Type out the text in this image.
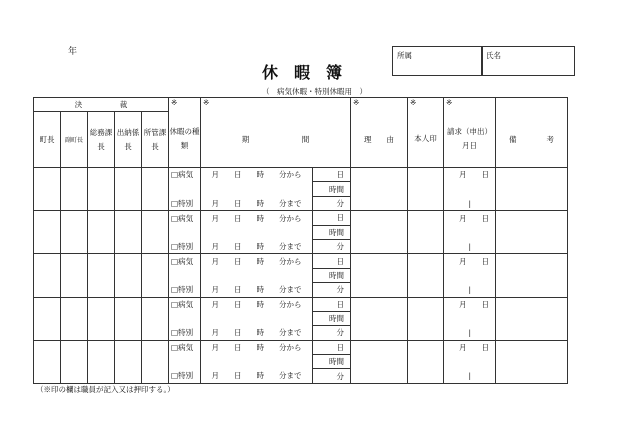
年
休暇簿
（　病気休暇・特別休暇用　）
所属	氏名
決　　　　　裁					※	※		※	※	※	
町長	副町長	総務課長	出納係長	所管課長	休暇の種類	期　　　　　　　間		理　　由	本人印	請求（申出）月日	備　　　　考
					□病気	月　　日　　時　　分から	日			月　　日	
							時間				
					□特別	月　　日　　時　　分まで	分			|	
					□病気	月　　日　　時　　分から	日			月　　日	
							時間				
					□特別	月　　日　　時　　分まで	分			|	
					□病気	月　　日　　時　　分から	日			月　　日	
							時間				
					□特別	月　　日　　時　　分まで	分			|	
					□病気	月　　日　　時　　分から	日			月　　日	
							時間				
					□特別	月　　日　　時　　分まで	分			|	
					□病気	月　　日　　時　　分から	日			月　　日	
							時間				
					□特別	月　　日　　時　　分まで	分			|	
（※印の欄は職員が記入又は押印する。）
